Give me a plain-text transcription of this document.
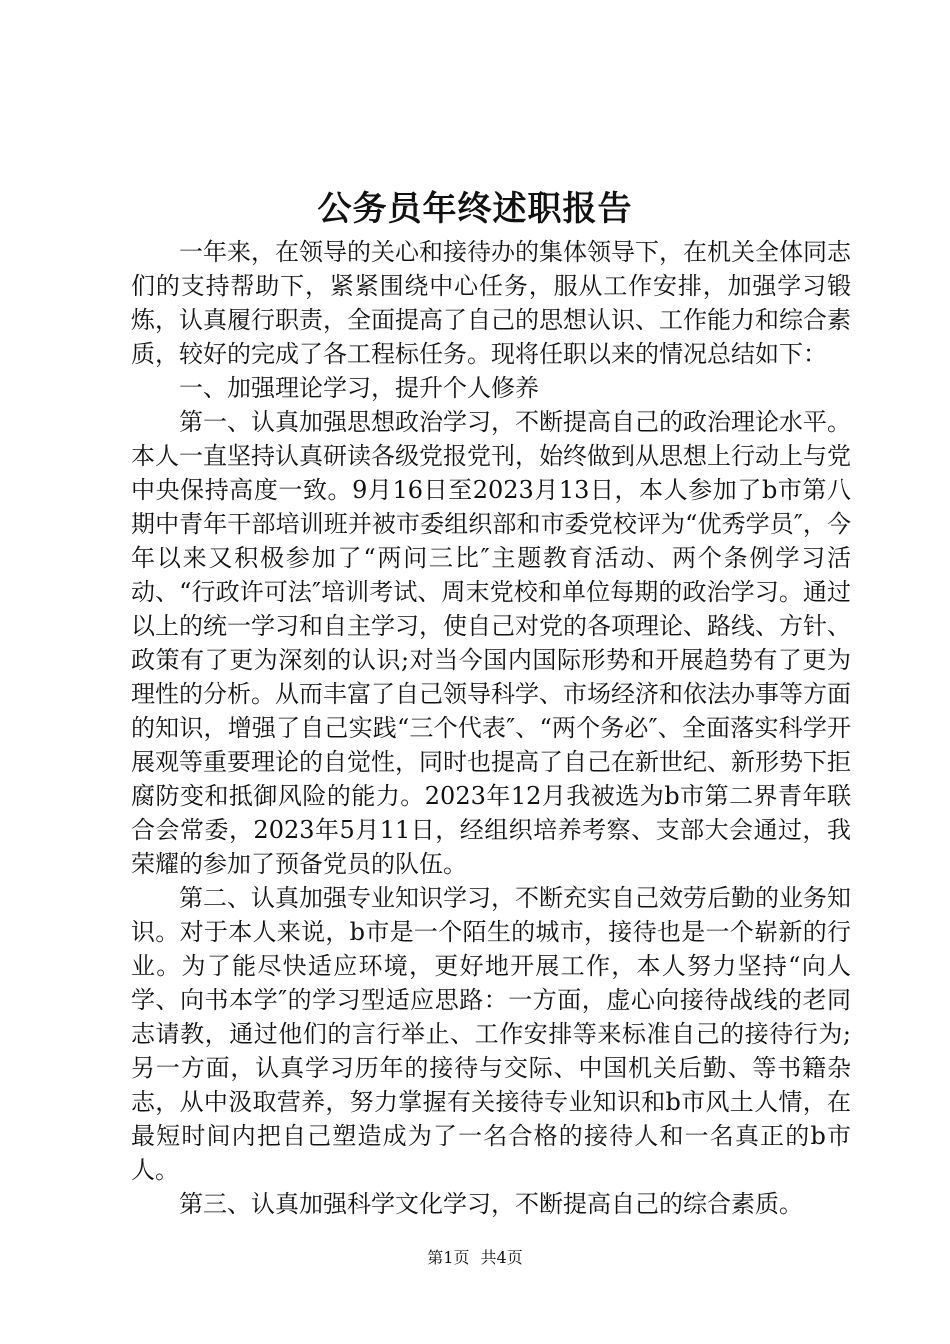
公务员年终述职报告

一年来，在领导的关心和接待办的集体领导下，在机关全体同志们的支持帮助下，紧紧围绕中心任务，服从工作安排，加强学习锻炼，认真履行职责，全面提高了自己的思想认识、工作能力和综合素质，较好的完成了各工程标任务。现将任职以来的情况总结如下：

一、加强理论学习，提升个人修养

第一、认真加强思想政治学习，不断提高自己的政治理论水平。本人一直坚持认真研读各级党报党刊，始终做到从思想上行动上与党中央保持高度一致。9月16日至2023月13日，本人参加了b市第八期中青年干部培训班并被市委组织部和市委党校评为“优秀学员″，今年以来又积极参加了“两问三比″主题教育活动、两个条例学习活动、“行政许可法″培训考试、周末党校和单位每期的政治学习。通过以上的统一学习和自主学习，使自己对党的各项理论、路线、方针、政策有了更为深刻的认识;对当今国内国际形势和开展趋势有了更为理性的分析。从而丰富了自己领导科学、市场经济和依法办事等方面的知识，增强了自己实践“三个代表″、“两个务必″、全面落实科学开展观等重要理论的自觉性，同时也提高了自己在新世纪、新形势下拒腐防变和抵御风险的能力。2023年12月我被选为b市第二界青年联合会常委，2023年5月11日，经组织培养考察、支部大会通过，我荣耀的参加了预备党员的队伍。

第二、认真加强专业知识学习，不断充实自己效劳后勤的业务知识。对于本人来说，b市是一个陌生的城市，接待也是一个崭新的行业。为了能尽快适应环境，更好地开展工作，本人努力坚持“向人学、向书本学″的学习型适应思路：一方面，虚心向接待战线的老同志请教，通过他们的言行举止、工作安排等来标准自己的接待行为;另一方面，认真学习历年的接待与交际、中国机关后勤、等书籍杂志，从中汲取营养，努力掌握有关接待专业知识和b市风土人情，在最短时间内把自己塑造成为了一名合格的接待人和一名真正的b市人。

第三、认真加强科学文化学习，不断提高自己的综合素质。

第1页 共4页
